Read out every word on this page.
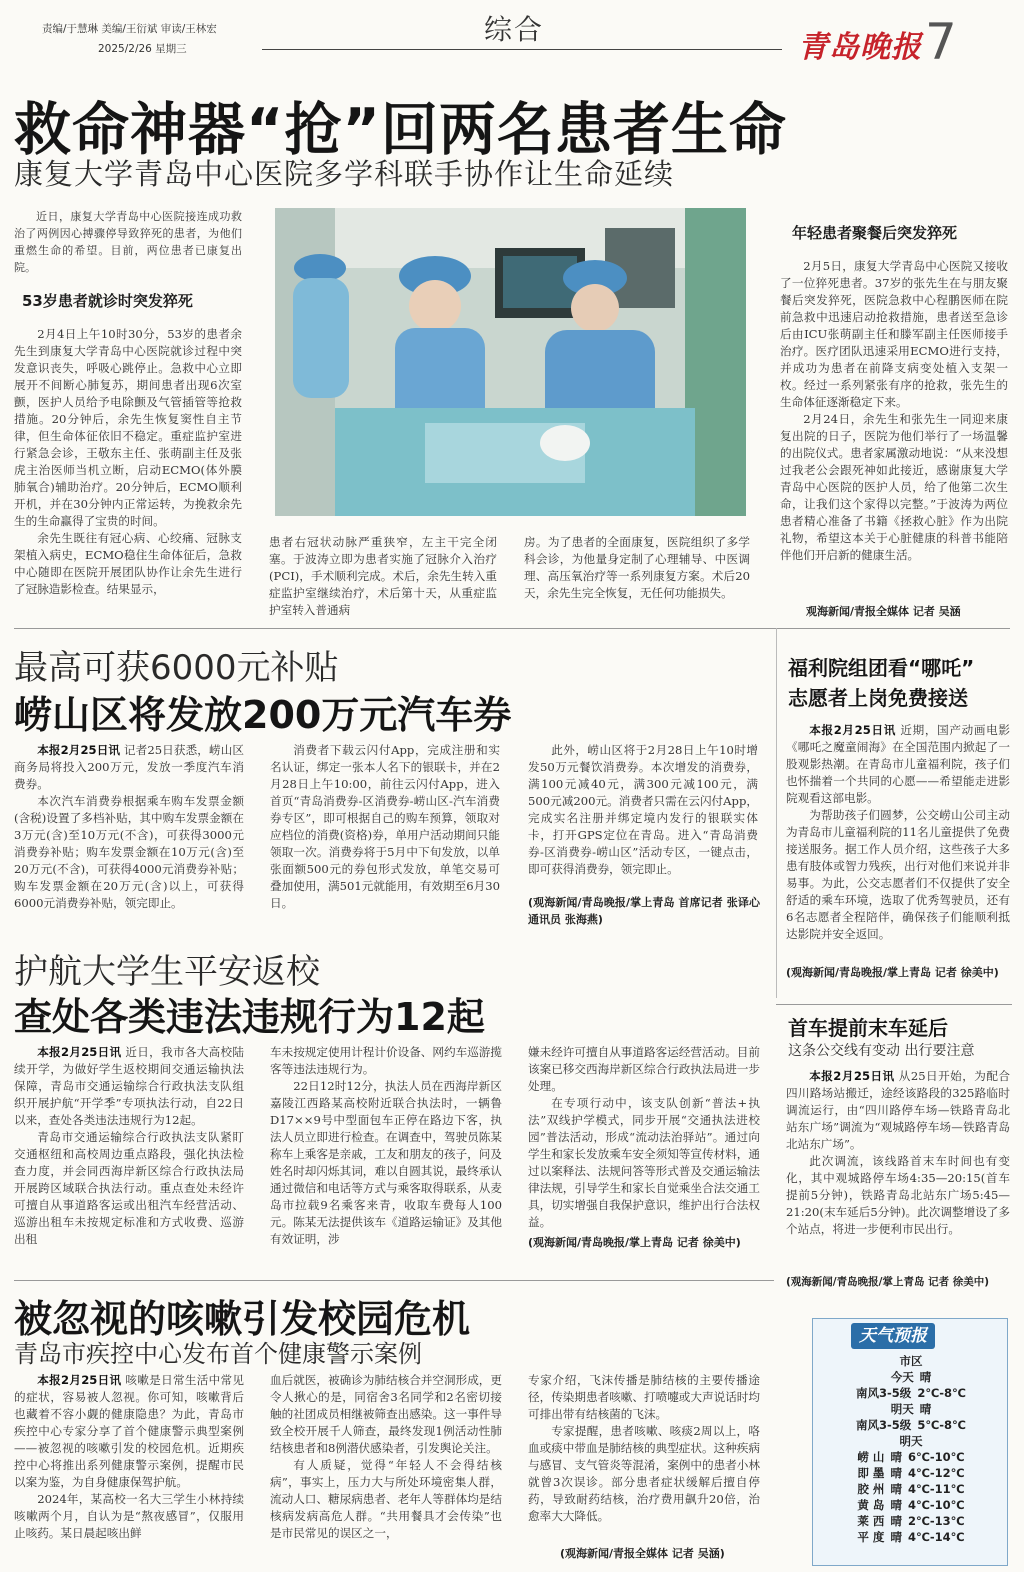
责编/于慧琳 美编/王衍斌 审读/王林宏
2025/2/26 星期三
综合
青岛晚报 7
救命神器“抢”回两名患者生命
康复大学青岛中心医院多学科联手协作让生命延续

近日，康复大学青岛中心医院接连成功救治了两例因心搏骤停导致猝死的患者，为他们重燃生命的希望。目前，两位患者已康复出院。

53岁患者就诊时突发猝死

2月4日上午10时30分，53岁的患者余先生到康复大学青岛中心医院就诊过程中突发意识丧失，呼吸心跳停止。急救中心立即展开不间断心肺复苏，期间患者出现6次室颤，医护人员给予电除颤及气管插管等抢救措施。20分钟后，余先生恢复窦性自主节律，但生命体征依旧不稳定。重症监护室进行紧急会诊，王敬东主任、张萌副主任及张虎主治医师当机立断，启动ECMO(体外膜肺氧合)辅助治疗。20分钟后，ECMO顺利开机，并在30分钟内正常运转，为挽救余先生的生命赢得了宝贵的时间。

余先生既往有冠心病、心绞痛、冠脉支架植入病史，ECMO稳住生命体征后，急救中心随即在医院开展团队协作让余先生进行了冠脉造影检查。结果显示，

患者右冠状动脉严重狭窄，左主干完全闭塞。于波涛立即为患者实施了冠脉介入治疗(PCI)，手术顺利完成。术后，余先生转入重症监护室继续治疗，术后第十天，从重症监护室转入普通病

房。为了患者的全面康复，医院组织了多学科会诊，为他量身定制了心理辅导、中医调理、高压氧治疗等一系列康复方案。术后20天，余先生完全恢复，无任何功能损失。

年轻患者聚餐后突发猝死

2月5日，康复大学青岛中心医院又接收了一位猝死患者。37岁的张先生在与朋友聚餐后突发猝死，医院急救中心程鹏医师在院前急救中迅速启动抢救措施，患者送至急诊后由ICU张萌副主任和滕军副主任医师接手治疗。医疗团队迅速采用ECMO进行支持，并成功为患者在前降支病变处植入支架一枚。经过一系列紧张有序的抢救，张先生的生命体征逐渐稳定下来。

2月24日，余先生和张先生一同迎来康复出院的日子，医院为他们举行了一场温馨的出院仪式。患者家属激动地说：“从来没想过我老公会跟死神如此接近，感谢康复大学青岛中心医院的医护人员，给了他第二次生命，让我们这个家得以完整。”于波涛为两位患者精心准备了书籍《拯救心脏》作为出院礼物，希望这本关于心脏健康的科普书能陪伴他们开启新的健康生活。

观海新闻/青报全媒体 记者 吴涵
最高可获6000元补贴
崂山区将发放200万元汽车券

本报2月25日讯 记者25日获悉，崂山区商务局将投入200万元，发放一季度汽车消费券。

本次汽车消费券根据乘车购车发票金额(含税)设置了多档补贴，其中购车发票金额在3万元(含)至10万元(不含)，可获得3000元消费券补贴；购车发票金额在10万元(含)至20万元(不含)，可获得4000元消费券补贴；购车发票金额在20万元(含)以上，可获得6000元消费券补贴，领完即止。

消费者下载云闪付App，完成注册和实名认证，绑定一张本人名下的银联卡，并在2月28日上午10:00，前往云闪付App，进入首页“青岛消费券-区消费券-崂山区-汽车消费券专区”，即可根据自己的购车预算，领取对应档位的消费(资格)券，单用户活动期间只能领取一次。消费券将于5月中下旬发放，以单张面额500元的券包形式发放，单笔交易可叠加使用，满501元就能用，有效期至6月30日。

此外，崂山区将于2月28日上午10时增发50万元餐饮消费券。本次增发的消费券，满100元减40元，满300元减100元，满500元减200元。消费者只需在云闪付App，完成实名注册并绑定境内发行的银联实体卡，打开GPS定位在青岛。进入“青岛消费券-区消费券-崂山区”活动专区，一键点击，即可获得消费券，领完即止。

(观海新闻/青岛晚报/掌上青岛 首席记者 张译心 通讯员 张海燕)

福利院组团看“哪吒”
志愿者上岗免费接送

本报2月25日讯 近期，国产动画电影《哪吒之魔童闹海》在全国范围内掀起了一股观影热潮。在青岛市儿童福利院，孩子们也怀揣着一个共同的心愿——希望能走进影院观看这部电影。

为帮助孩子们圆梦，公交崂山公司主动为青岛市儿童福利院的11名儿童提供了免费接送服务。据工作人员介绍，这些孩子大多患有肢体或智力残疾，出行对他们来说并非易事。为此，公交志愿者们不仅提供了安全舒适的乘车环境，选取了优秀驾驶员，还有6名志愿者全程陪伴，确保孩子们能顺利抵达影院并安全返回。

(观海新闻/青岛晚报/掌上青岛 记者 徐美中)

护航大学生平安返校
查处各类违法违规行为12起

本报2月25日讯 近日，我市各大高校陆续开学，为做好学生返校期间交通运输执法保障，青岛市交通运输综合行政执法支队组织开展护航“开学季”专项执法行动，自22日以来，查处各类违法违规行为12起。

青岛市交通运输综合行政执法支队紧盯交通枢纽和高校周边重点路段，强化执法检查力度，并会同西海岸新区综合行政执法局开展跨区域联合执法行动。重点查处未经许可擅自从事道路客运或出租汽车经营活动、巡游出租车未按规定标准和方式收费、巡游出租

车未按规定使用计程计价设备、网约车巡游揽客等违法违规行为。

22日12时12分，执法人员在西海岸新区嘉陵江西路某高校附近联合执法时，一辆鲁D17××9号中型面包车正停在路边下客，执法人员立即进行检查。在调查中，驾驶员陈某称车上乘客是亲戚，工友和朋友的孩子，问及姓名时却闪烁其词，难以自圆其说，最终承认通过微信和电话等方式与乘客取得联系，从麦岛市拉载9名乘客来青，收取车费每人100元。陈某无法提供该车《道路运输证》及其他有效证明，涉

嫌未经许可擅自从事道路客运经营活动。目前该案已移交西海岸新区综合行政执法局进一步处理。

在专项行动中，该支队创新“普法+执法”双线护学模式，同步开展“交通执法进校园”普法活动，形成“流动法治驿站”。通过向学生和家长发放乘车安全须知等宣传材料，通过以案释法、法规问答等形式普及交通运输法律法规，引导学生和家长自觉乘坐合法交通工具，切实增强自我保护意识，维护出行合法权益。

(观海新闻/青岛晚报/掌上青岛 记者 徐美中)

首车提前末车延后
这条公交线有变动 出行要注意

本报2月25日讯 从25日开始，为配合四川路场站搬迁，途经该路段的325路临时调流运行，由“四川路停车场—铁路青岛北站东广场”调流为“观城路停车场—铁路青岛北站东广场”。

此次调流，该线路首末车时间也有变化，其中观城路停车场4:35—20:15(首车提前5分钟)，铁路青岛北站东广场5:45—21:20(末车延后5分钟)。此次调整增设了多个站点，将进一步便利市民出行。

(观海新闻/青岛晚报/掌上青岛 记者 徐美中)

被忽视的咳嗽引发校园危机
青岛市疾控中心发布首个健康警示案例

本报2月25日讯 咳嗽是日常生活中常见的症状，容易被人忽视。你可知，咳嗽背后也藏着不容小觑的健康隐患？为此，青岛市疾控中心专家分享了首个健康警示典型案例——被忽视的咳嗽引发的校园危机。近期疾控中心将推出系列健康警示案例，提醒市民以案为鉴，为自身健康保驾护航。

2024年，某高校一名大三学生小林持续咳嗽两个月，自认为是“熬夜感冒”，仅服用止咳药。某日晨起咳出鲜

血后就医，被确诊为肺结核合并空洞形成，更令人揪心的是，同宿舍3名同学和2名密切接触的社团成员相继被筛查出感染。这一事件导致全校开展千人筛查，最终发现1例活动性肺结核患者和8例潜伏感染者，引发舆论关注。

有人质疑，觉得“年轻人不会得结核病”，事实上，压力大与所处环境密集人群，流动人口、糖尿病患者、老年人等群体均是结核病发病高危人群。“共用餐具才会传染”也是市民常见的误区之一，

专家介绍，飞沫传播是肺结核的主要传播途径，传染期患者咳嗽、打喷嚏或大声说话时均可排出带有结核菌的飞沫。

专家提醒，患者咳嗽、咳痰2周以上，咯血或痰中带血是肺结核的典型症状。这种疾病与感冒、支气管炎等混淆，案例中的患者小林就曾3次误诊。部分患者症状缓解后擅自停药，导致耐药结核，治疗费用飙升20倍，治愈率大大降低。

(观海新闻/青报全媒体 记者 吴涵)
天气预报
市区
今天 晴
南风3-5级 2℃-8℃
明天 晴
南风3-5级 5℃-8℃
明天
崂 山 晴 6℃-10℃
即 墨 晴 4℃-12℃
胶 州 晴 4℃-11℃
黄 岛 晴 4℃-10℃
莱 西 晴 2℃-13℃
平 度 晴 4℃-14℃
